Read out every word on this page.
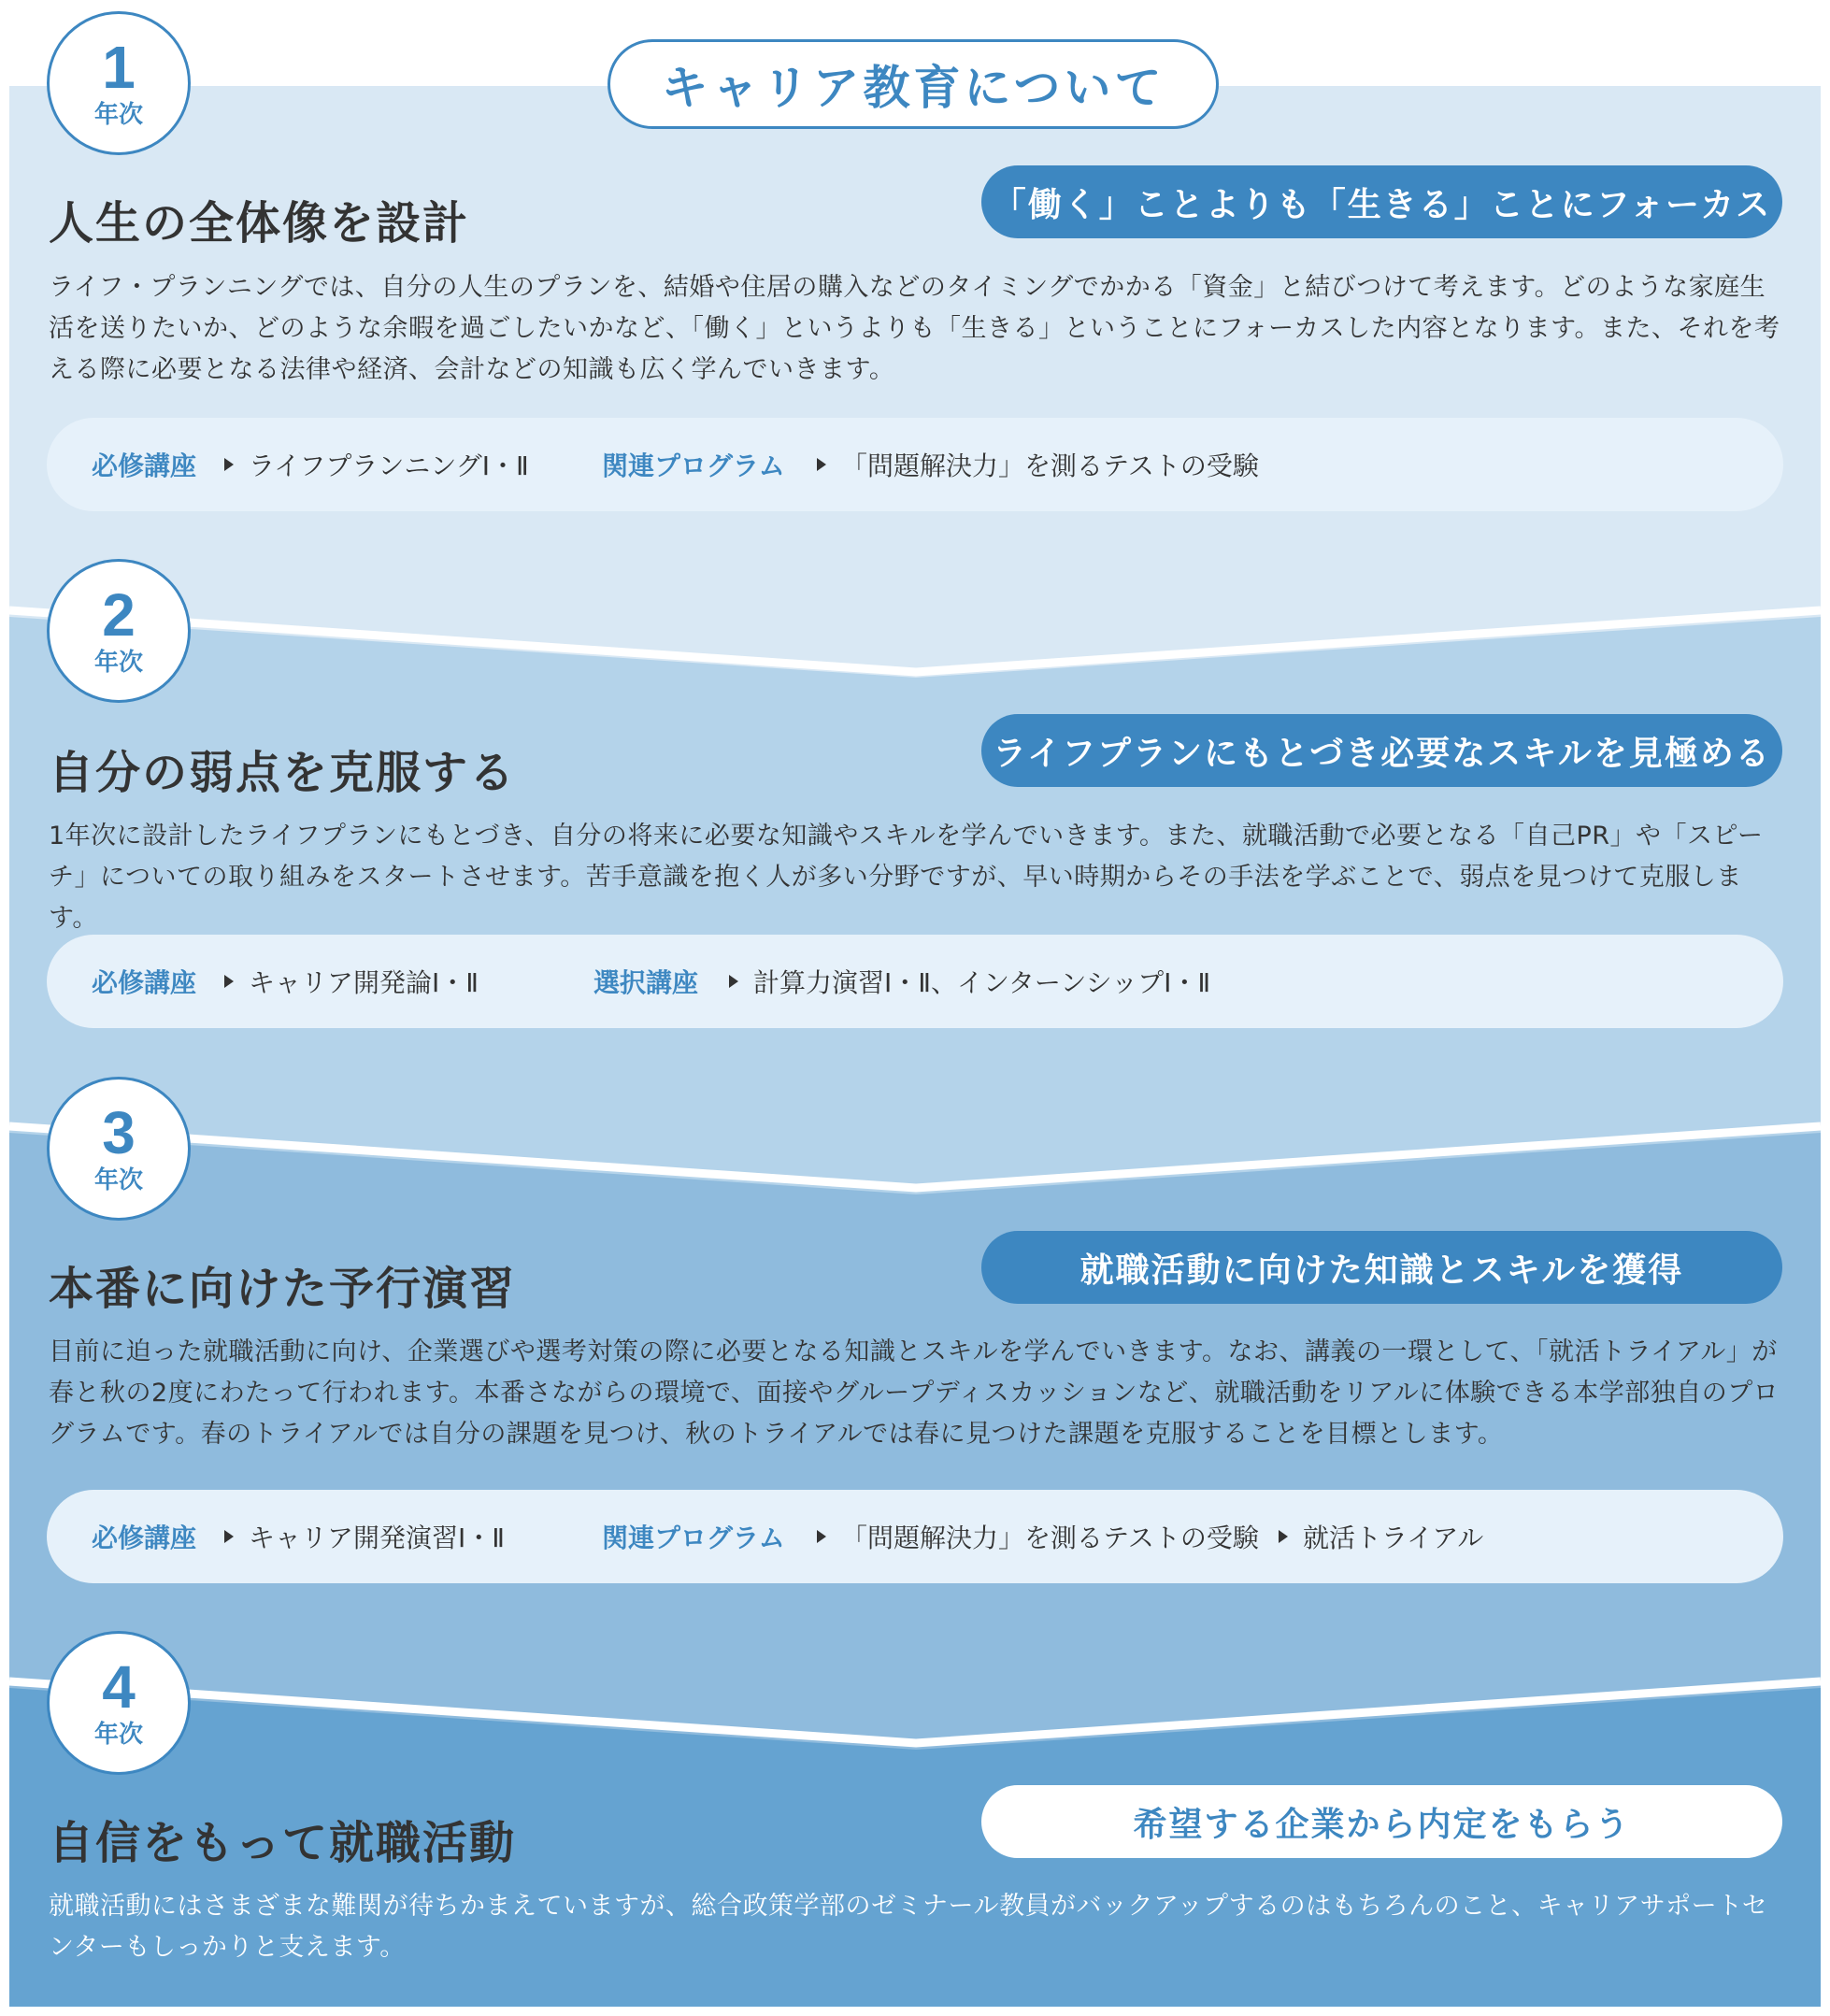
キャリア教育について
1
年次
「働く」ことよりも「生きる」ことにフォーカス
人生の全体像を設計

ライフ・プランニングでは、自分の人生のプランを、結婚や住居の購入などのタイミングでかかる「資金」と結びつけて考えます。どのような家庭生活を送りたいか、どのような余暇を過ごしたいかなど、「働く」というよりも「生きる」ということにフォーカスした内容となります。また、それを考える際に必要となる法律や経済、会計などの知識も広く学んでいきます。

必修講座	ライフプランニングⅠ・Ⅱ	関連プログラム	「問題解決力」を測るテストの受験
2
年次
ライフプランにもとづき必要なスキルを見極める
自分の弱点を克服する

1年次に設計したライフプランにもとづき、自分の将来に必要な知識やスキルを学んでいきます。また、就職活動で必要となる「自己PR」や「スピーチ」についての取り組みをスタートさせます。苦手意識を抱く人が多い分野ですが、早い時期からその手法を学ぶことで、弱点を見つけて克服します。

必修講座	キャリア開発論Ⅰ・Ⅱ	選択講座	計算力演習Ⅰ・Ⅱ、インターンシップⅠ・Ⅱ
3
年次
就職活動に向けた知識とスキルを獲得
本番に向けた予行演習

目前に迫った就職活動に向け、企業選びや選考対策の際に必要となる知識とスキルを学んでいきます。なお、講義の一環として、「就活トライアル」が春と秋の2度にわたって行われます。本番さながらの環境で、面接やグループディスカッションなど、就職活動をリアルに体験できる本学部独自のプログラムです。春のトライアルでは自分の課題を見つけ、秋のトライアルでは春に見つけた課題を克服することを目標とします。

必修講座	キャリア開発演習Ⅰ・Ⅱ	関連プログラム	「問題解決力」を測るテストの受験 就活トライアル
4
年次
希望する企業から内定をもらう
自信をもって就職活動

就職活動にはさまざまな難関が待ちかまえていますが、総合政策学部のゼミナール教員がバックアップするのはもちろんのこと、キャリアサポートセンターもしっかりと支えます。
